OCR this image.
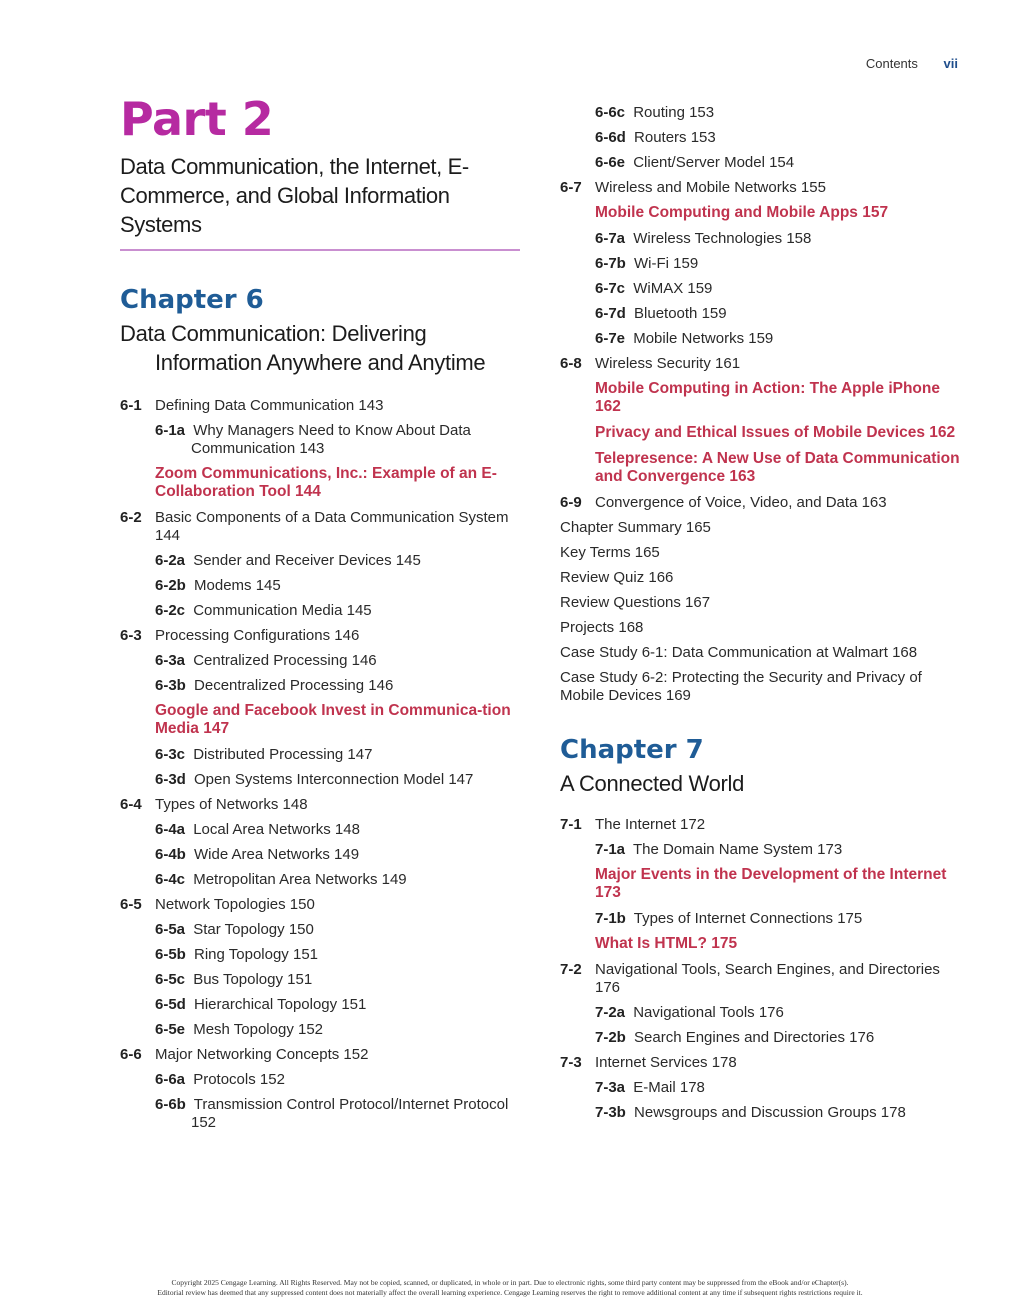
Contents vii
Part 2
Data Communication, the Internet, E-Commerce, and Global Information Systems
Chapter 6
Data Communication: Delivering Information Anywhere and Anytime
6-1 Defining Data Communication 143
6-1a Why Managers Need to Know About Data Communication 143
Zoom Communications, Inc.: Example of an E-Collaboration Tool 144
6-2 Basic Components of a Data Communication System 144
6-2a Sender and Receiver Devices 145
6-2b Modems 145
6-2c Communication Media 145
6-3 Processing Configurations 146
6-3a Centralized Processing 146
6-3b Decentralized Processing 146
Google and Facebook Invest in Communica-tion Media 147
6-3c Distributed Processing 147
6-3d Open Systems Interconnection Model 147
6-4 Types of Networks 148
6-4a Local Area Networks 148
6-4b Wide Area Networks 149
6-4c Metropolitan Area Networks 149
6-5 Network Topologies 150
6-5a Star Topology 150
6-5b Ring Topology 151
6-5c Bus Topology 151
6-5d Hierarchical Topology 151
6-5e Mesh Topology 152
6-6 Major Networking Concepts 152
6-6a Protocols 152
6-6b Transmission Control Protocol/Internet Protocol 152
6-6c Routing 153
6-6d Routers 153
6-6e Client/Server Model 154
6-7 Wireless and Mobile Networks 155
Mobile Computing and Mobile Apps 157
6-7a Wireless Technologies 158
6-7b Wi-Fi 159
6-7c WiMAX 159
6-7d Bluetooth 159
6-7e Mobile Networks 159
6-8 Wireless Security 161
Mobile Computing in Action: The Apple iPhone 162
Privacy and Ethical Issues of Mobile Devices 162
Telepresence: A New Use of Data Communication and Convergence 163
6-9 Convergence of Voice, Video, and Data 163
Chapter Summary 165
Key Terms 165
Review Quiz 166
Review Questions 167
Projects 168
Case Study 6-1: Data Communication at Walmart 168
Case Study 6-2: Protecting the Security and Privacy of Mobile Devices 169
Chapter 7
A Connected World
7-1 The Internet 172
7-1a The Domain Name System 173
Major Events in the Development of the Internet 173
7-1b Types of Internet Connections 175
What Is HTML? 175
7-2 Navigational Tools, Search Engines, and Directories 176
7-2a Navigational Tools 176
7-2b Search Engines and Directories 176
7-3 Internet Services 178
7-3a E-Mail 178
7-3b Newsgroups and Discussion Groups 178
Copyright 2025 Cengage Learning. All Rights Reserved. May not be copied, scanned, or duplicated, in whole or in part. Due to electronic rights, some third party content may be suppressed from the eBook and/or eChapter(s).
Editorial review has deemed that any suppressed content does not materially affect the overall learning experience. Cengage Learning reserves the right to remove additional content at any time if subsequent rights restrictions require it.
